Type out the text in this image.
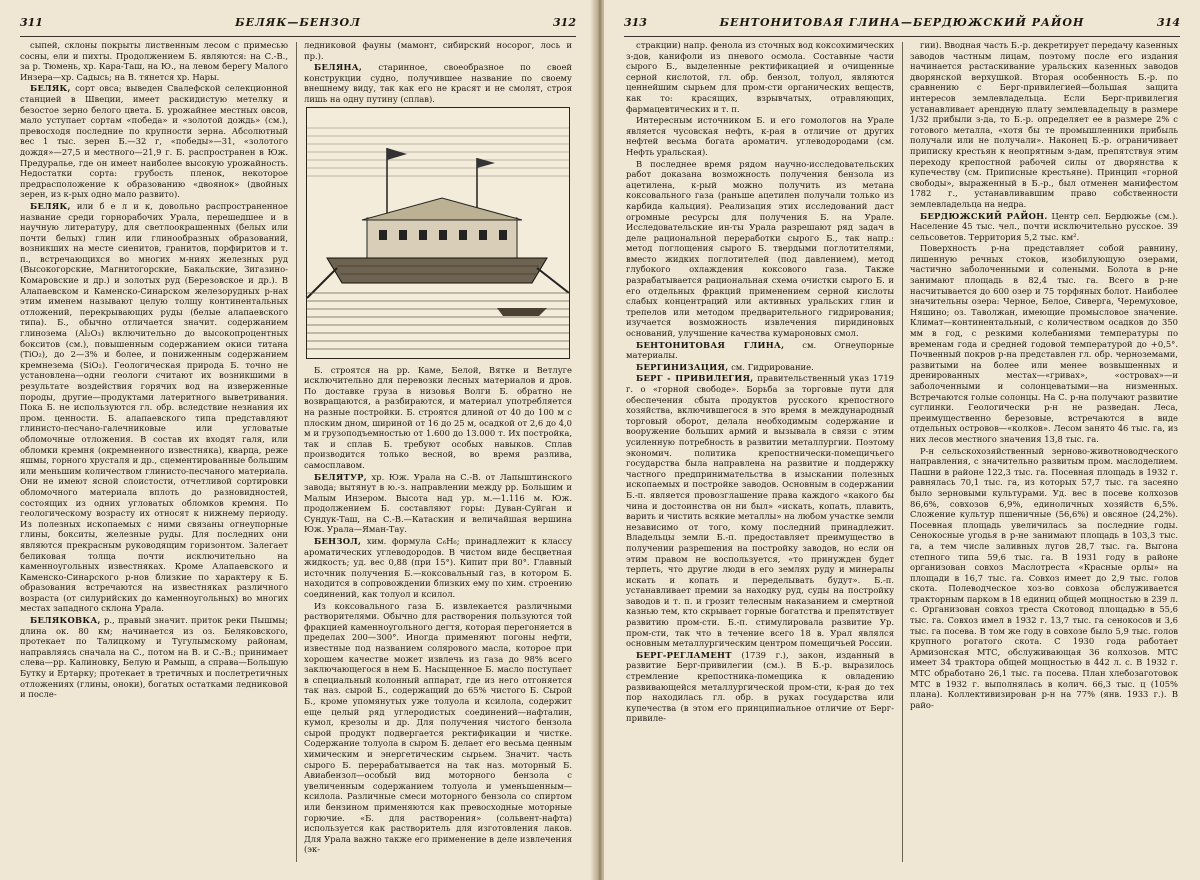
311	БЕЛЯК—БЕНЗОЛ	312

сыпей, склоны покрыты лиственным лесом с примесью сосны, ели и пихты. Продолжением Б. являются: на С.-В., за р. Тюмень, хр. Кара-Таш, на Ю., на левом берегу Малого Инзера—хр. Садысь; на В. тянется хр. Нары.

БЕЛЯК, сорт овса; выведен Свалефской селекционной станцией в Швеции, имеет раскидистую метелку и безостое зерно белого цвета. Б. урожайнее местных овсов, мало уступает сортам «победа» и «золотой дождь» (см.), превосходя последние по крупности зерна. Абсолютный вес 1 тыс. зерен Б.—32 г, «победы»—31, «золотого дождя»—27,5 и местного—21,9 г. Б. распространен в Юж. Предуралье, где он имеет наиболее высокую урожайность. Недостатки сорта: грубость пленок, некоторое предрасположение к образованию «двоянок» (двойных зерен, из к-рых одно мало развито).

БЕЛЯК, или б е л и к, довольно распространенное название среди горнорабочих Урала, перешедшее и в научную литературу, для светлоокрашенных (белых или почти белых) глин или глинообразных образований, возникших на месте сиенитов, гранитов, порфиритов и т. п., встречающихся во многих м-ниях железных руд (Высокогорские, Магнитогорские, Бакальские, Зигазино-Комаровские и др.) и золотых руд (Березовское и др.). В Алапаевском и Каменско-Синарском железорудных р-нах этим именем называют целую толщу континентальных отложений, перекрывающих руды (белые алапаевского типа). Б., обычно отличается значит. содержанием глинозема (Al₂O₃) включительно до высокопроцентных бокситов (см.), повышенным содержанием окиси титана (TiO₂), до 2—3% и более, и пониженным содержанием кремнезема (SiO₂). Геологическая природа Б. точно не установлена—одни геологи считают их возникшими в результате воздействия горячих вод на изверженные породы, другие—продуктами латеритного выветривания. Пока Б. не используются гл. обр. вследствие незнания их пром. ценности. Б. алапаевского типа представляют глинисто-песчано-галечниковые или угловатые обломочные отложения. В состав их входят галя, или обломки кремня (окремненного известняка), кварца, реже яшмы, горного хрусталя и др., сцементированные большим или меньшим количеством глинисто-песчаного материала. Они не имеют ясной слоистости, отчетливой сортировки обломочного материала вплоть до разновидностей, состоящих из одних угловатых обломков кремня. По геологическому возрасту их относят к нижнему периоду. Из полезных ископаемых с ними связаны огнеупорные глины, бокситы, железные руды. Для последних они являются прекрасным руководящим горизонтом. Залегает беликовая толща почти исключительно на каменноугольных известняках. Кроме Алапаевского и Каменско-Синарского р-нов близкие по характеру к Б. образования встречаются на известняках различного возраста (от силурийских до каменноугольных) во многих местах западного склона Урала.

БЕЛЯКОВКА, р., правый значит. приток реки Пышмы; длина ок. 80 км; начинается из оз. Беляковского, протекает по Талицкому и Тугулымскому районам, направляясь сначала на С., потом на В. и С.-В.; принимает слева—рр. Калиновку, Белую и Рамыш, а справа—Большую Бутку и Ертарку; протекает в третичных и послетретичных отложениях (глины, оноки), богатых остатками ледниковой и после-

ледниковой фауны (мамонт, сибирский носорог, лось и пр.).

БЕЛЯНА, старинное, своеобразное по своей конструкции судно, получившее название по своему внешнему виду, так как его не красят и не смолят, строя лишь на одну путину (сплав).

Б. строятся на рр. Каме, Белой, Вятке и Ветлуге исключительно для перевозки лесных материалов и дров. По доставке груза в низовья Волги Б. обратно не возвращаются, а разбираются, и материал употребляется на разные постройки. Б. строятся длиной от 40 до 100 м с плоским дном, шириной от 16 до 25 м, осадкой от 2,6 до 4,0 м и грузоподъемностью от 1.600 до 13.000 т. Их постройка, так и сплав Б. требуют особых навыков. Сплав производится только весной, во время разлива, самосплавом.

БЕЛЯТУР, хр. Юж. Урала на С.-В. от Лапыштинского завода; вытянут в ю.-з. направлении между рр. Большим и Малым Инзером. Высота над ур. м.—1.116 м. Юж. продолжением Б. составляют горы: Дуван-Суйган и Сундук-Таш, на С.-В.—Катаскин и величайшая вершина Юж. Урала—Яман-Тау.

БЕНЗОЛ, хим. формула C₆H₆; принадлежит к классу ароматических углеводородов. В чистом виде бесцветная жидкость; уд. вес 0,88 (при 15°). Кипит при 80°. Главный источник получения Б.—коксовальный газ, в котором Б. находится в сопровождении близких ему по хим. строению соединений, как толуол и ксилол.

Из коксовального газа Б. извлекается различными растворителями. Обычно для растворения пользуются той фракцией каменноугольного дегтя, которая перегоняется в пределах 200—300°. Иногда применяют погоны нефти, известные под названием солярового масла, которое при хорошем качестве может извлечь из газа до 98% всего заключающегося в нем Б. Насыщенное Б. масло поступает в специальный колонный аппарат, где из него отгоняется так наз. сырой Б., содержащий до 65% чистого Б. Сырой Б., кроме упомянутых уже толуола и ксилола, содержит еще целый ряд углеродистых соединений—нафталин, кумол, крезолы и др. Для получения чистого бензола сырой продукт подвергается ректификации и чистке. Содержание толуола в сыром Б. делает его весьма ценным химическим и энергетическим сырьем. Значит. часть сырого Б. перерабатывается на так наз. моторный Б. Авиабензол—особый вид моторного бензола с увеличенным содержанием толуола и уменьшенным—ксилола. Различные смеси моторного бензола со спиртом или бензином применяются как превосходные моторные горючие. «Б. для растворения» (сольвент-нафта) используется как растворитель для изготовления лаков. Для Урала важно также его применение в деле извлечения (эк-

313	БЕНТОНИТОВАЯ ГЛИНА—БЕРДЮЖСКИЙ РАЙОН	314

стракции) напр. фенола из сточных вод коксохимических з-дов, канифоли из пневого осмола. Составные части сырого Б., выделенные ректификацией и очищенные серной кислотой, гл. обр. бензол, толуол, являются ценнейшим сырьем для пром-сти органических веществ, как то: красящих, взрывчатых, отравляющих, фармацевтических и т. п.

Интересным источником Б. и его гомологов на Урале является чусовская нефть, к-рая в отличие от других нефтей весьма богата ароматич. углеводородами (см. Нефть уральская).

В последнее время рядом научно-исследовательских работ доказана возможность получения бензола из ацетилена, к-рый можно получить из метана коксовального газа (раньше ацетилен получали только из карбида кальция). Реализация этих исследований даст огромные ресурсы для получения Б. на Урале. Исследовательские ин-ты Урала разрешают ряд задач в деле рациональной переработки сырого Б., так напр.: метод поглощения сырого Б. твердыми поглотителями, вместо жидких поглотителей (под давлением), метод глубокого охлаждения коксового газа. Также разрабатывается рациональная схема очистки сырого Б. и его отдельных фракций применением серной кислоты слабых концентраций или активных уральских глин и трепелов или методом предварительного гидрирования; изучается возможность извлечения пиридиновых оснований, улучшение качества кумароновых смол.

БЕНТОНИТОВАЯ ГЛИНА, см. Огнеупорные материалы.

БЕРГИНИЗАЦИЯ, см. Гидрирование.

БЕРГ - ПРИВИЛЕГИЯ, правительственный указ 1719 г. о «горной свободе». Борьба за торговые пути для обеспечения сбыта продуктов русского крепостного хозяйства, включившегося в это время в международный торговый оборот, делала необходимым содержание и вооружение больших армий и вызывала в связи с этим усиленную потребность в развитии металлургии. Поэтому экономич. политика крепостнически-помещичьего государства была направлена на развитие и поддержку частного предпринимательства в изыскании полезных ископаемых и постройке заводов. Основным в содержании Б.-п. является провозглашение права каждого «какого бы чина и достоинства он ни был» «искать, копать, плавить, варить и чистить всякие металлы» на любом участке земли независимо от того, кому последний принадлежит. Владельцы земли Б.-п. предоставляет преимущество в получении разрешения на постройку заводов, но если он этим правом не воспользуется, «то принужден будет терпеть, что другие люди в его землях руду и минералы искать и копать и переделывать будут». Б.-п. устанавливает премии за находку руд, суды на постройку заводов и т. п. и грозит телесным наказанием и смертной казнью тем, кто скрывает горные богатства и препятствует развитию пром-сти. Б.-п. стимулировала развитие Ур. пром-сти, так что в течение всего 18 в. Урал являлся основным металлургическим центром помещичьей России.

БЕРГ-РЕГЛАМЕНТ (1739 г.), закон, изданный в развитие Берг-привилегии (см.). В Б.-р. выразилось стремление крепостника-помещика к овладению развивающейся металлургической пром-сти, к-рая до тех пор находилась гл. обр. в руках государства или купечества (в этом его принципиальное отличие от Берг-привиле-

гии). Вводная часть Б.-р. декретирует передачу казенных заводов частным лицам, поэтому после его издания начинается растаскивание уральских казенных заводов дворянской верхушкой. Вторая особенность Б.-р. по сравнению с Берг-привилегией—большая защита интересов землевладельца. Если Берг-привилегия устанавливает арендную плату землевладельцу в размере 1/32 прибыли з-да, то Б.-р. определяет ее в размере 2% с готового металла, «хотя бы те промышленники прибыль получали или не получали». Наконец Б.-р. ограничивает приписку крестьян к неопрятным з-дам, препятствуя этим переходу крепостной рабочей силы от дворянства к купечеству (см. Приписные крестьяне). Принцип «горной свободы», выраженный в Б.-р., был отменен манифестом 1782 г., устанавливавшим право собственности землевладельца на недра.

БЕРДЮЖСКИЙ РАЙОН. Центр сел. Бердюжье (см.). Население 45 тыс. чел., почти исключительно русское. 39 сельсоветов. Территория 5,2 тыс. км².

Поверхность р-на представляет собой равнину, лишенную речных стоков, изобилующую озерами, частично заболоченными и солеными. Болота в р-не занимают площадь в 82,4 тыс. га. Всего в р-не насчитывается до 600 озер и 75 торфяных болот. Наиболее значительны озера: Черное, Белое, Сиверга, Черемуховое, Няшино; оз. Таволжан, имеющие промысловое значение. Климат—континентальный, с количеством осадков до 350 мм в год, с резкими колебаниями температуры по временам года и средней годовой температурой до +0,5°. Почвенный покров р-на представлен гл. обр. черноземами, развитыми на более или менее возвышенных и дренированных местах—«гривах», «островах»—и заболоченными и солонцеватыми—на низменных. Встречаются голые солонцы. На С. р-на получают развитие суглинки. Геологически р-н не разведан. Леса, преимущественно березовые, встречаются в виде отдельных островов—«колков». Лесом занято 46 тыс. га, из них лесов местного значения 13,8 тыс. га.

Р-н сельскохозяйственный зерново-животноводческого направления, с значительно развитым пром. маслоделием. Пашни в районе 122,3 тыс. га. Посевная площадь в 1932 г. равнялась 70,1 тыс. га, из которых 57,7 тыс. га засеяно было зерновыми культурами. Уд. вес в посеве колхозов 86,6%, совхозов 6,9%, единоличных хозяйств 6,5%. Сложение культур пшеничные (56,6%) и овсяное (24,2%). Посевная площадь увеличилась за последние годы. Сенокосные угодья в р-не занимают площадь в 103,3 тыс. га, а тем числе заливных лугов 28,7 тыс. га. Выгона степного типа 59,6 тыс. га. В 1931 году в районе организован совхоз Маслотреста «Красные орлы» на площади в 16,7 тыс. га. Совхоз имеет до 2,9 тыс. голов скота. Полеводческое хоз-во совхоза обслуживается тракторным парком в 18 единиц общей мощностью в 239 л. с. Организован совхоз треста Скотовод площадью в 55,6 тыс. га. Совхоз имел в 1932 г. 13,7 тыс. га сенокосов и 3,6 тыс. га посева. В том же году в совхозе было 5,9 тыс. голов крупного рогатого скота. С 1930 года работает Армизонская МТС, обслуживающая 36 колхозов. МТС имеет 34 трактора общей мощностью в 442 л. с. В 1932 г. МТС обработано 26,1 тыс. га посева. План хлебозаготовок МТС в 1932 г. выполнялась в колич. 66,3 тыс. ц (105% плана). Коллективизирован р-н на 77% (янв. 1933 г.). В райо-
